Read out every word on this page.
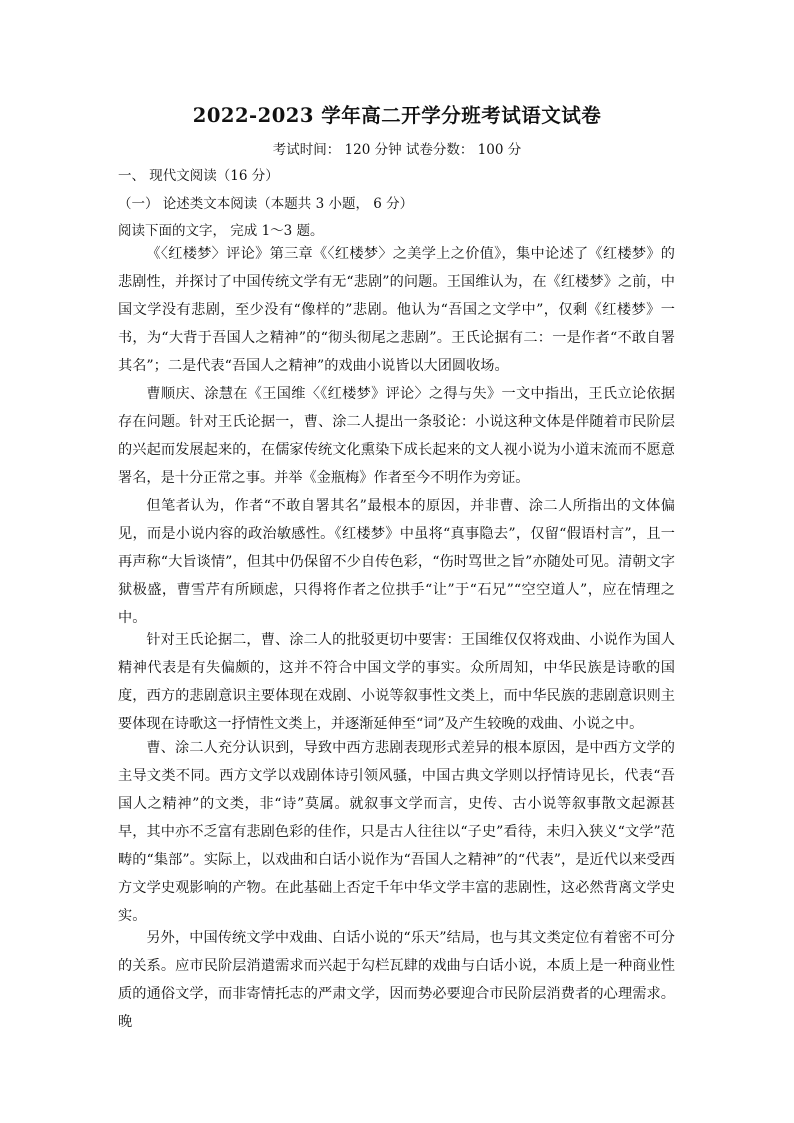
2022-2023 学年高二开学分班考试语文试卷
考试时间： 120 分钟 试卷分数： 100 分
一、 现代文阅读（16 分）
（一） 论述类文本阅读（本题共 3 小题， 6 分）
阅读下面的文字， 完成 1～3 题。

《〈红楼梦〉评论》第三章《〈红楼梦〉之美学上之价值》，集中论述了《红楼梦》的悲剧性，并探讨了中国传统文学有无“悲剧”的问题。王国维认为，在《红楼梦》之前，中国文学没有悲剧，至少没有“像样的”悲剧。他认为“吾国之文学中”，仅剩《红楼梦》一书，为“大背于吾国人之精神”的“彻头彻尾之悲剧”。王氏论据有二：一是作者“不敢自署其名”；二是代表“吾国人之精神”的戏曲小说皆以大团圆收场。

曹顺庆、涂慧在《王国维〈《红楼梦》评论〉之得与失》一文中指出，王氏立论依据存在问题。针对王氏论据一，曹、涂二人提出一条驳论：小说这种文体是伴随着市民阶层的兴起而发展起来的，在儒家传统文化熏染下成长起来的文人视小说为小道末流而不愿意署名，是十分正常之事。并举《金瓶梅》作者至今不明作为旁证。

但笔者认为，作者“不敢自署其名”最根本的原因，并非曹、涂二人所指出的文体偏见，而是小说内容的政治敏感性。《红楼梦》中虽将“真事隐去”，仅留“假语村言”，且一再声称“大旨谈情”，但其中仍保留不少自传色彩，“伤时骂世之旨”亦随处可见。清朝文字狱极盛，曹雪芹有所顾虑，只得将作者之位拱手“让”于“石兄”“空空道人”，应在情理之中。

针对王氏论据二，曹、涂二人的批驳更切中要害：王国维仅仅将戏曲、小说作为国人精神代表是有失偏颇的，这并不符合中国文学的事实。众所周知，中华民族是诗歌的国度，西方的悲剧意识主要体现在戏剧、小说等叙事性文类上，而中华民族的悲剧意识则主要体现在诗歌这一抒情性文类上，并逐渐延伸至“词”及产生较晚的戏曲、小说之中。

曹、涂二人充分认识到，导致中西方悲剧表现形式差异的根本原因，是中西方文学的主导文类不同。西方文学以戏剧体诗引领风骚，中国古典文学则以抒情诗见长，代表“吾国人之精神”的文类，非“诗”莫属。就叙事文学而言，史传、古小说等叙事散文起源甚早，其中亦不乏富有悲剧色彩的佳作，只是古人往往以“子史”看待，未归入狭义“文学”范畴的“集部”。实际上，以戏曲和白话小说作为“吾国人之精神”的“代表”，是近代以来受西方文学史观影响的产物。在此基础上否定千年中华文学丰富的悲剧性，这必然背离文学史实。

另外，中国传统文学中戏曲、白话小说的“乐天”结局，也与其文类定位有着密不可分的关系。应市民阶层消遣需求而兴起于勾栏瓦肆的戏曲与白话小说，本质上是一种商业性质的通俗文学，而非寄情托志的严肃文学，因而势必要迎合市民阶层消费者的心理需求。晚
